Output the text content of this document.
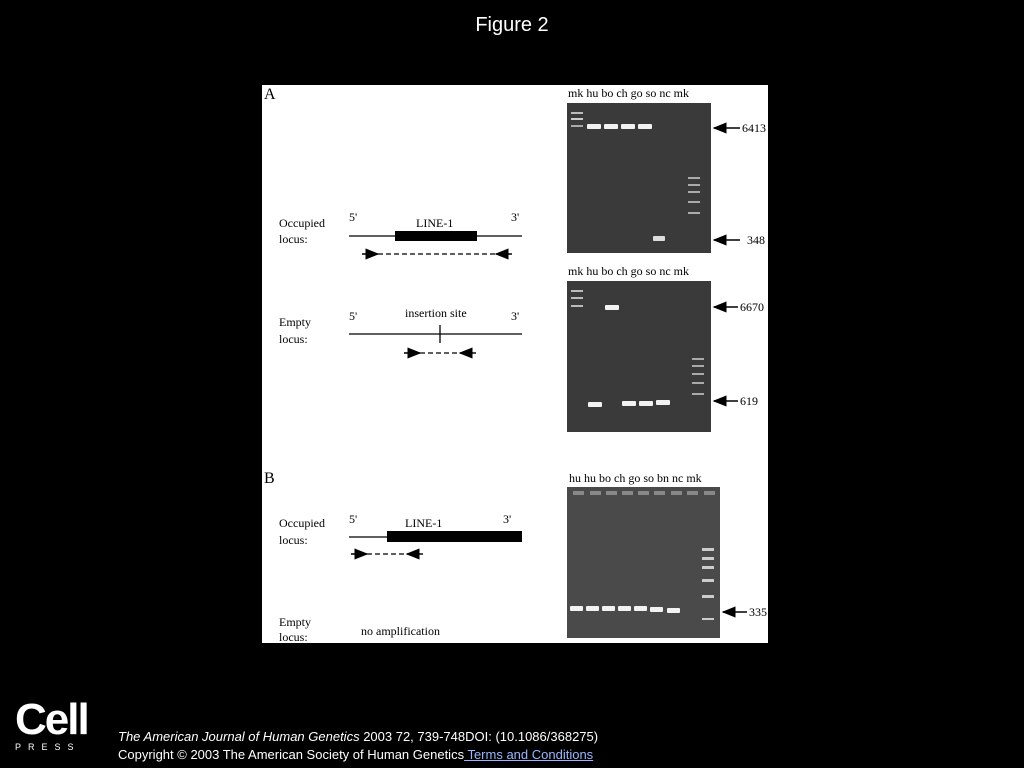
Figure 2
A
Occupied
locus:
5'	3'
LINE-1
Empty
locus:
5'	3'
insertion site
mk hu bo ch go so nc mk
6413
348
mk hu bo ch go so nc mk
6670
619
B
Occupied
locus:
5'	3'
LINE-1
Empty
locus:	no amplification
hu hu bo ch go so bn nc mk
335
Cell
PRESS
The American Journal of Human Genetics 2003 72, 739-748DOI: (10.1086/368275)
Copyright © 2003 The American Society of Human Genetics Terms and Conditions
